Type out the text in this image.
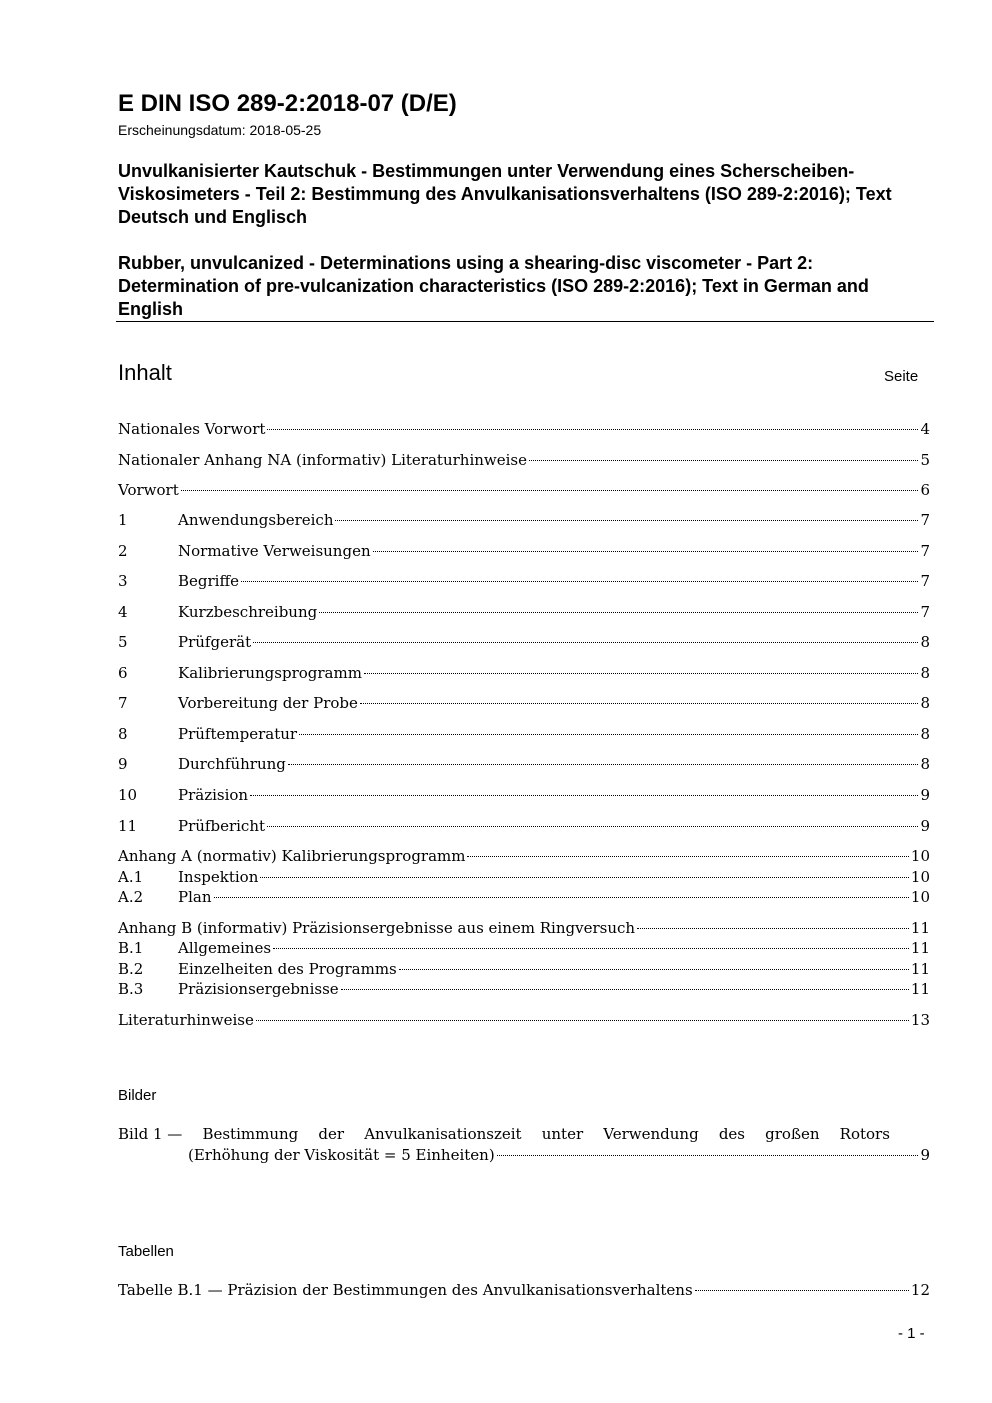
E DIN ISO 289-2:2018-07 (D/E)
Erscheinungsdatum: 2018-05-25
Unvulkanisierter Kautschuk - Bestimmungen unter Verwendung eines Scherscheiben-Viskosimeters - Teil 2: Bestimmung des Anvulkanisationsverhaltens (ISO 289-2:2016); Text Deutsch und Englisch
Rubber, unvulcanized - Determinations using a shearing-disc viscometer - Part 2: Determination of pre-vulcanization characteristics (ISO 289-2:2016); Text in German and English
Inhalt	Seite
Nationales Vorwort	4
Nationaler Anhang NA (informativ) Literaturhinweise	5
Vorwort	6
1	Anwendungsbereich	7
2	Normative Verweisungen	7
3	Begriffe	7
4	Kurzbeschreibung	7
5	Prüfgerät	8
6	Kalibrierungsprogramm	8
7	Vorbereitung der Probe	8
8	Prüftemperatur	8
9	Durchführung	8
10	Präzision	9
11	Prüfbericht	9
Anhang A (normativ) Kalibrierungsprogramm	10
A.1	Inspektion	10
A.2	Plan	10
Anhang B (informativ) Präzisionsergebnisse aus einem Ringversuch	11
B.1	Allgemeines	11
B.2	Einzelheiten des Programms	11
B.3	Präzisionsergebnisse	11
Literaturhinweise	13
Bilder
Bild 1 — Bestimmung der Anvulkanisationszeit unter Verwendung des großen Rotors
(Erhöhung der Viskosität = 5 Einheiten)	9
Tabellen
Tabelle B.1 — Präzision der Bestimmungen des Anvulkanisationsverhaltens	12
- 1 -
